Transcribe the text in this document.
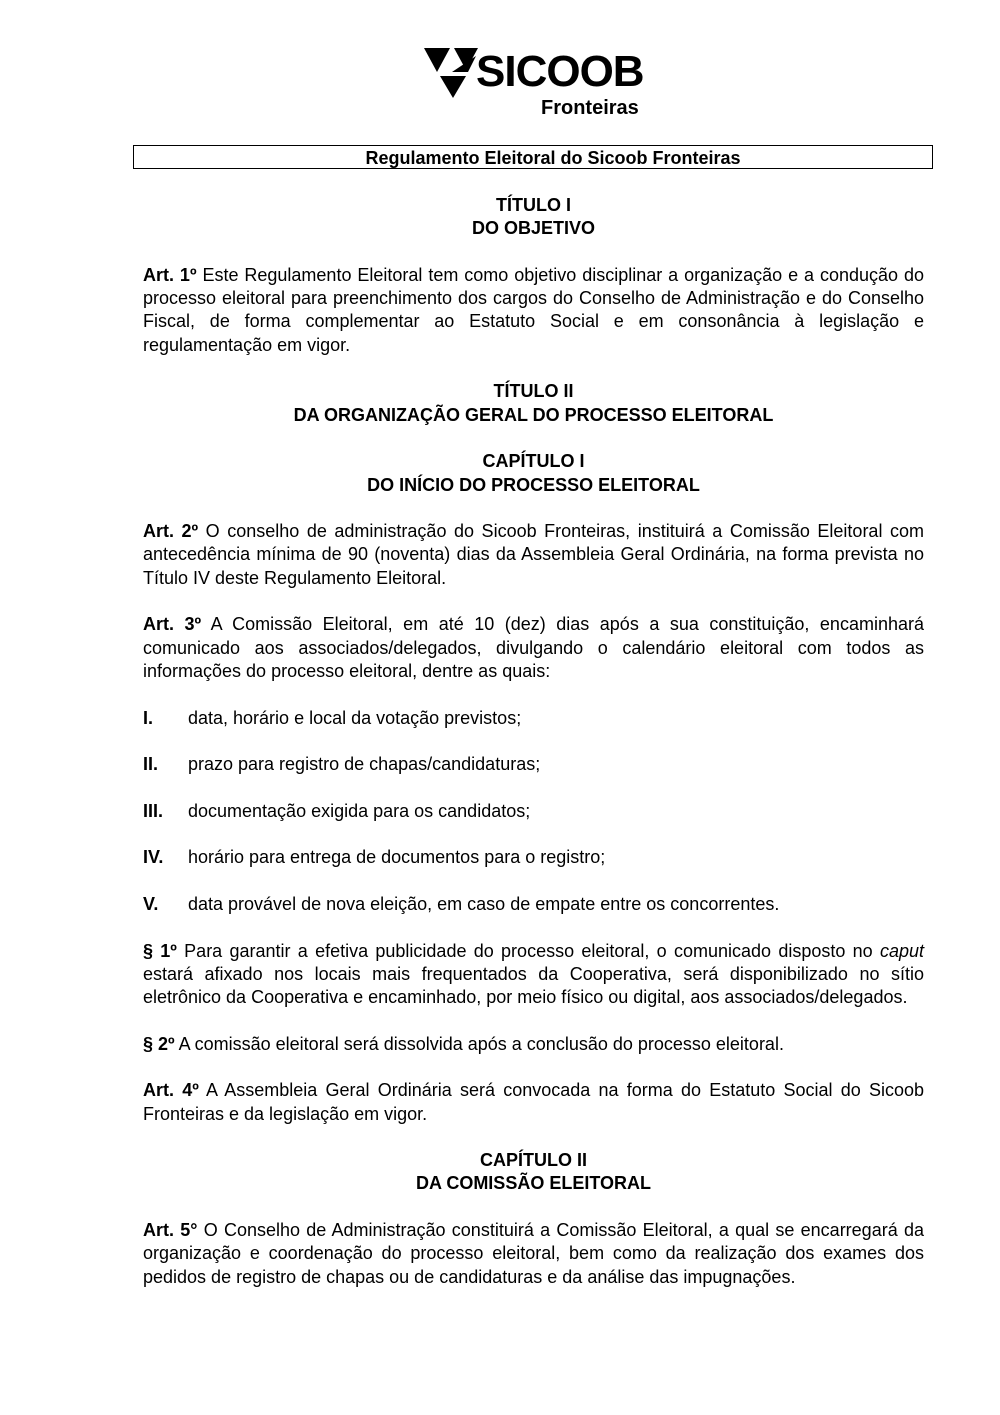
SICOOB
Fronteiras
Regulamento Eleitoral do Sicoob Fronteiras
TÍTULO I
DO OBJETIVO
Art. 1º Este Regulamento Eleitoral tem como objetivo disciplinar a organização e a condução do processo eleitoral para preenchimento dos cargos do Conselho de Administração e do Conselho Fiscal, de forma complementar ao Estatuto Social e em consonância à legislação e regulamentação em vigor.
TÍTULO II
DA ORGANIZAÇÃO GERAL DO PROCESSO ELEITORAL
CAPÍTULO I
DO INÍCIO DO PROCESSO ELEITORAL
Art. 2º O conselho de administração do Sicoob Fronteiras, instituirá a Comissão Eleitoral com antecedência mínima de 90 (noventa) dias da Assembleia Geral Ordinária, na forma prevista no Título IV deste Regulamento Eleitoral.
Art. 3º A Comissão Eleitoral, em até 10 (dez) dias após a sua constituição, encaminhará comunicado aos associados/delegados, divulgando o calendário eleitoral com todos as informações do processo eleitoral, dentre as quais:
I.	data, horário e local da votação previstos;
II.	prazo para registro de chapas/candidaturas;
III.	documentação exigida para os candidatos;
IV.	horário para entrega de documentos para o registro;
V.	data provável de nova eleição, em caso de empate entre os concorrentes.
§ 1º Para garantir a efetiva publicidade do processo eleitoral, o comunicado disposto no caput estará afixado nos locais mais frequentados da Cooperativa, será disponibilizado no sítio eletrônico da Cooperativa e encaminhado, por meio físico ou digital, aos associados/delegados.
§ 2º A comissão eleitoral será dissolvida após a conclusão do processo eleitoral.
Art. 4º A Assembleia Geral Ordinária será convocada na forma do Estatuto Social do Sicoob Fronteiras e da legislação em vigor.
CAPÍTULO II
DA COMISSÃO ELEITORAL
Art. 5° O Conselho de Administração constituirá a Comissão Eleitoral, a qual se encarregará da organização e coordenação do processo eleitoral, bem como da realização dos exames dos pedidos de registro de chapas ou de candidaturas e da análise das impugnações.
